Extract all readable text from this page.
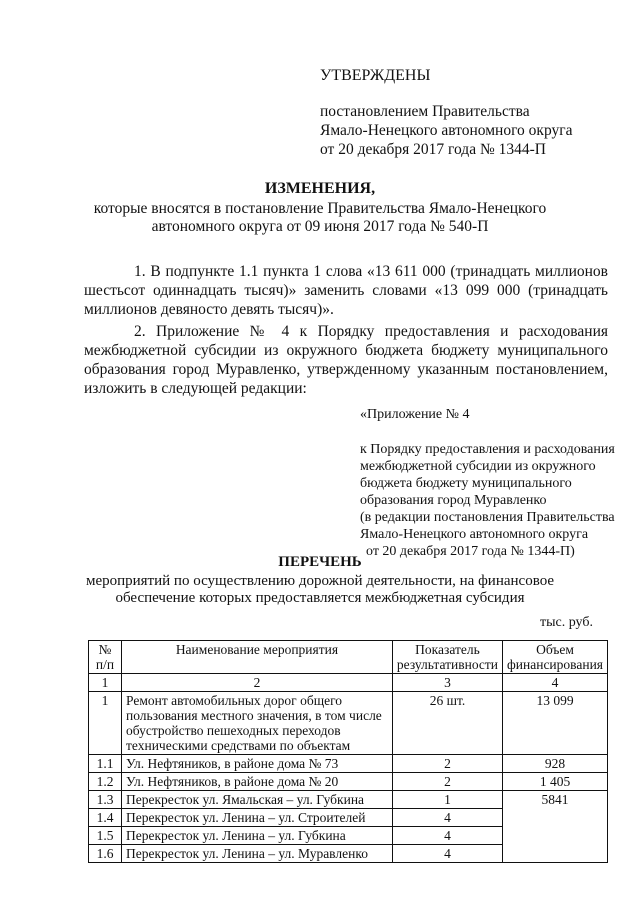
УТВЕРЖДЕНЫ
постановлением Правительства
Ямало-Ненецкого автономного округа
от 20 декабря 2017 года № 1344-П
ИЗМЕНЕНИЯ,
которые вносятся в постановление Правительства Ямало-Ненецкого
автономного округа от 09 июня 2017 года № 540-П

1. В подпункте 1.1 пункта 1 слова «13 611 000 (тринадцать миллионов шестьсот одиннадцать тысяч)» заменить словами «13 099 000 (тринадцать миллионов девяносто девять тысяч)».

2. Приложение № 4 к Порядку предоставления и расходования межбюджетной субсидии из окружного бюджета бюджету муниципального образования город Муравленко, утвержденному указанным постановлением, изложить в следующей редакции:

«Приложение № 4
к Порядку предоставления и расходования
межбюджетной субсидии из окружного
бюджета бюджету муниципального
образования город Муравленко
(в редакции постановления Правительства
Ямало-Ненецкого автономного округа
от 20 декабря 2017 года № 1344-П)
ПЕРЕЧЕНЬ
мероприятий по осуществлению дорожной деятельности, на финансовое
обеспечение которых предоставляется межбюджетная субсидия
тыс. руб.
№ п/п	Наименование мероприятия	Показатель результативности	Объем финансирования
1	2	3	4
1	Ремонт автомобильных дорог общего пользования местного значения, в том числе обустройство пешеходных переходов техническими средствами по объектам	26 шт.	13 099
1.1	Ул. Нефтяников, в районе дома № 73	2	928
1.2	Ул. Нефтяников, в районе дома № 20	2	1 405
1.3	Перекресток ул. Ямальская – ул. Губкина	1	5841
1.4	Перекресток ул. Ленина – ул. Строителей	4	
1.5	Перекресток ул. Ленина – ул. Губкина	4	
1.6	Перекресток ул. Ленина – ул. Муравленко	4	
